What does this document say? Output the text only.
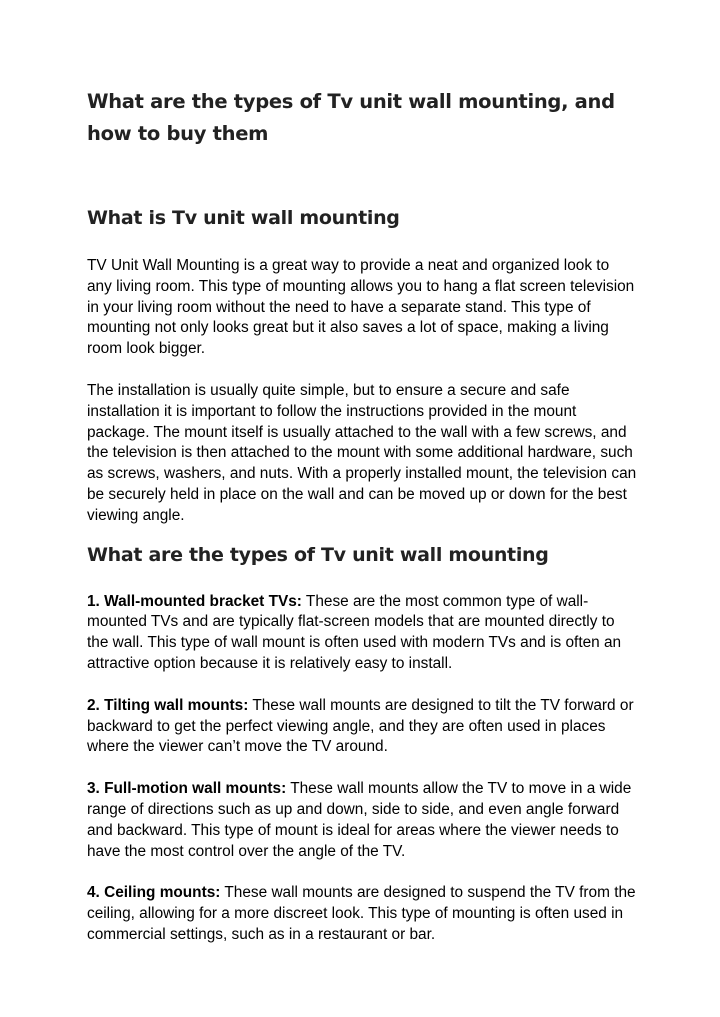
What are the types of Tv unit wall mounting, and how to buy them
What is Tv unit wall mounting

TV Unit Wall Mounting is a great way to provide a neat and organized look to any living room. This type of mounting allows you to hang a flat screen television in your living room without the need to have a separate stand. This type of mounting not only looks great but it also saves a lot of space, making a living room look bigger.

The installation is usually quite simple, but to ensure a secure and safe installation it is important to follow the instructions provided in the mount package. The mount itself is usually attached to the wall with a few screws, and the television is then attached to the mount with some additional hardware, such as screws, washers, and nuts. With a properly installed mount, the television can be securely held in place on the wall and can be moved up or down for the best viewing angle.

What are the types of Tv unit wall mounting

1. Wall-mounted bracket TVs: These are the most common type of wall-mounted TVs and are typically flat-screen models that are mounted directly to the wall. This type of wall mount is often used with modern TVs and is often an attractive option because it is relatively easy to install.

2. Tilting wall mounts: These wall mounts are designed to tilt the TV forward or backward to get the perfect viewing angle, and they are often used in places where the viewer can’t move the TV around.

3. Full-motion wall mounts: These wall mounts allow the TV to move in a wide range of directions such as up and down, side to side, and even angle forward and backward. This type of mount is ideal for areas where the viewer needs to have the most control over the angle of the TV.

4. Ceiling mounts: These wall mounts are designed to suspend the TV from the ceiling, allowing for a more discreet look. This type of mounting is often used in commercial settings, such as in a restaurant or bar.
